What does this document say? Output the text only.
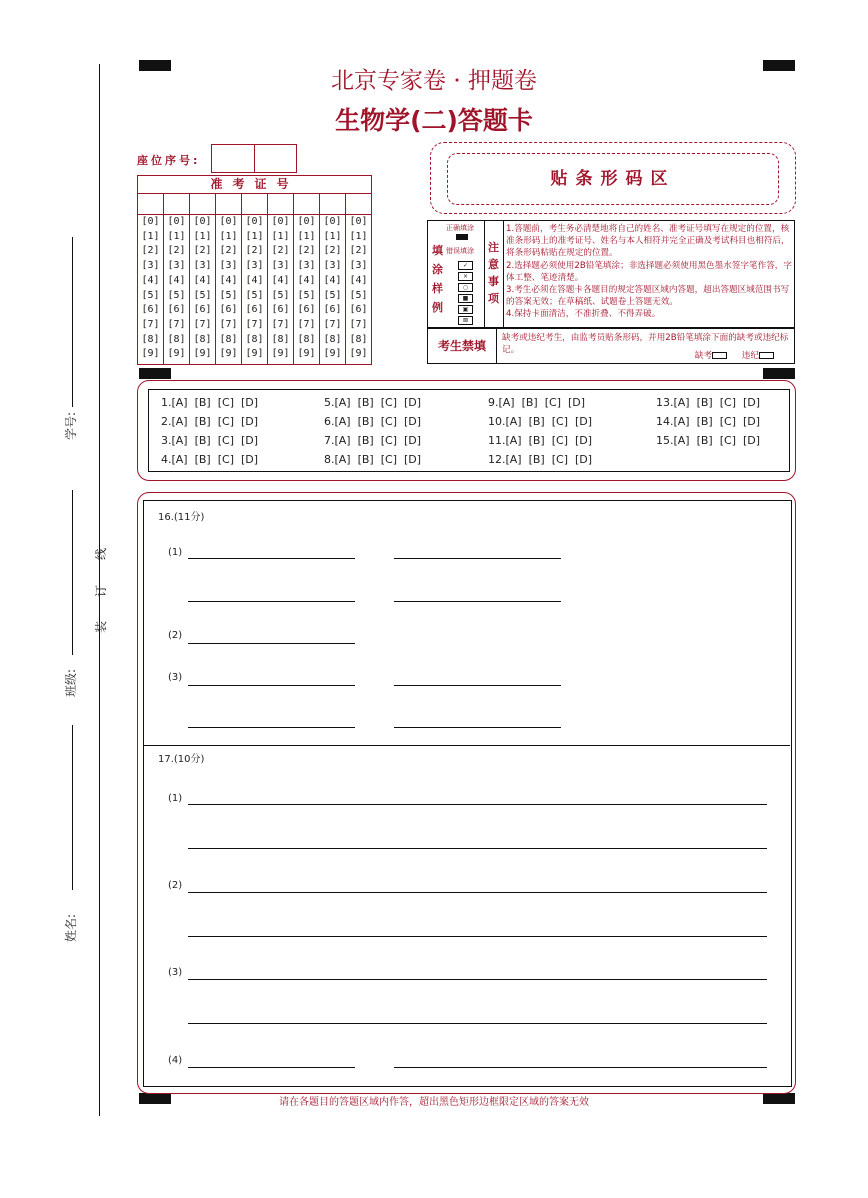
学号:
班级:
姓名:
线
订
装
北京专家卷 · 押题卷
生物学(二)答题卡
座位序号:
准考证号
[0]
[1]
[2]
[3]
[4]
[5]
[6]
[7]
[8]
[9]
[0]
[1]
[2]
[3]
[4]
[5]
[6]
[7]
[8]
[9]
[0]
[1]
[2]
[3]
[4]
[5]
[6]
[7]
[8]
[9]
[0]
[1]
[2]
[3]
[4]
[5]
[6]
[7]
[8]
[9]
[0]
[1]
[2]
[3]
[4]
[5]
[6]
[7]
[8]
[9]
[0]
[1]
[2]
[3]
[4]
[5]
[6]
[7]
[8]
[9]
[0]
[1]
[2]
[3]
[4]
[5]
[6]
[7]
[8]
[9]
[0]
[1]
[2]
[3]
[4]
[5]
[6]
[7]
[8]
[9]
[0]
[1]
[2]
[3]
[4]
[5]
[6]
[7]
[8]
[9]
贴条形码区
填涂样例
正确填涂
错误填涂
✓
×
○
■
▣
⊠
注意事项
1.答题前，考生务必清楚地将自己的姓名、准考证号填写在规定的位置，核准条形码上的准考证号、姓名与本人相符并完全正确及考试科目也相符后，将条形码粘贴在规定的位置。
2.选择题必须使用2B铅笔填涂；非选择题必须使用黑色墨水签字笔作答，字体工整、笔迹清楚。
3.考生必须在答题卡各题目的规定答题区域内答题，超出答题区域范围书写的答案无效；在草稿纸、试题卷上答题无效。
4.保持卡面清洁，不准折叠、不得弄破。
考生禁填
缺考或违纪考生，由监考员贴条形码，并用2B铅笔填涂下面的缺考或违纪标记。
缺考	违纪
1.[A]  [B]  [C]  [D]
2.[A]  [B]  [C]  [D]
3.[A]  [B]  [C]  [D]
4.[A]  [B]  [C]  [D]
5.[A]  [B]  [C]  [D]
6.[A]  [B]  [C]  [D]
7.[A]  [B]  [C]  [D]
8.[A]  [B]  [C]  [D]
9.[A]  [B]  [C]  [D]
10.[A]  [B]  [C]  [D]
11.[A]  [B]  [C]  [D]
12.[A]  [B]  [C]  [D]
13.[A]  [B]  [C]  [D]
14.[A]  [B]  [C]  [D]
15.[A]  [B]  [C]  [D]
16.(11分)
(1)
(2)
(3)
17.(10分)
(1)
(2)
(3)
(4)
请在各题目的答题区域内作答，超出黑色矩形边框限定区域的答案无效
